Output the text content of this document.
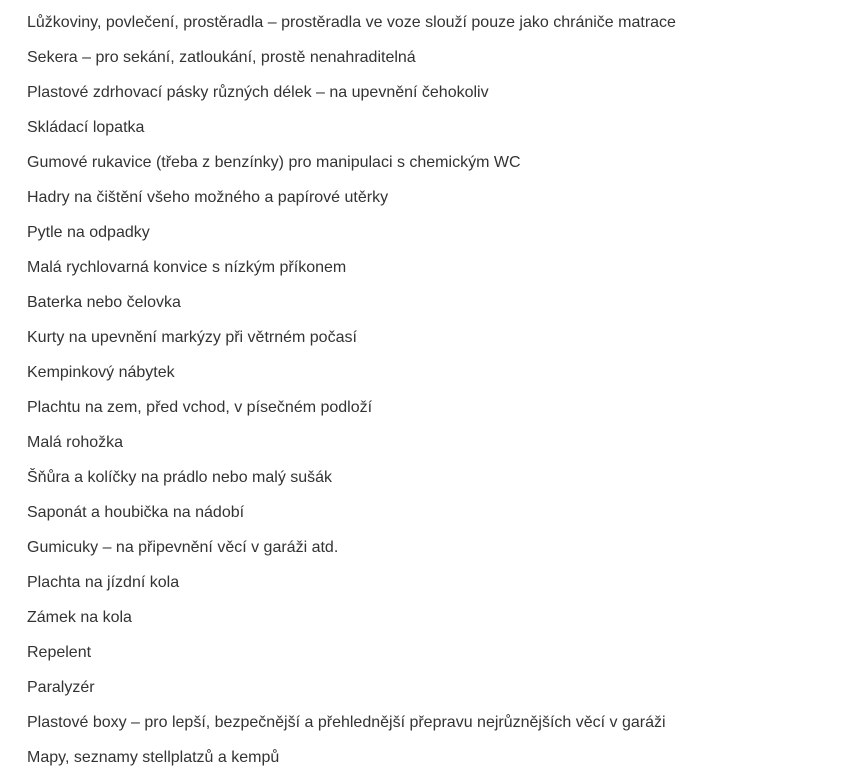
Lůžkoviny, povlečení, prostěradla – prostěradla ve voze slouží pouze jako chrániče matrace
Sekera – pro sekání, zatloukání, prostě nenahraditelná
Plastové zdrhovací pásky různých délek – na upevnění čehokoliv
Skládací lopatka
Gumové rukavice (třeba z benzínky) pro manipulaci s chemickým WC
Hadry na čištění všeho možného a papírové utěrky
Pytle na odpadky
Malá rychlovarná konvice s nízkým příkonem
Baterka nebo čelovka
Kurty na upevnění markýzy při větrném počasí
Kempinkový nábytek
Plachtu na zem, před vchod, v písečném podloží
Malá rohožka
Šňůra a kolíčky na prádlo nebo malý sušák
Saponát a houbička na nádobí
Gumicuky – na připevnění věcí v garáži atd.
Plachta na jízdní kola
Zámek na kola
Repelent
Paralyzér
Plastové boxy – pro lepší, bezpečnější a přehlednější přepravu nejrůznějších věcí v garáži
Mapy, seznamy stellplatzů a kempů
